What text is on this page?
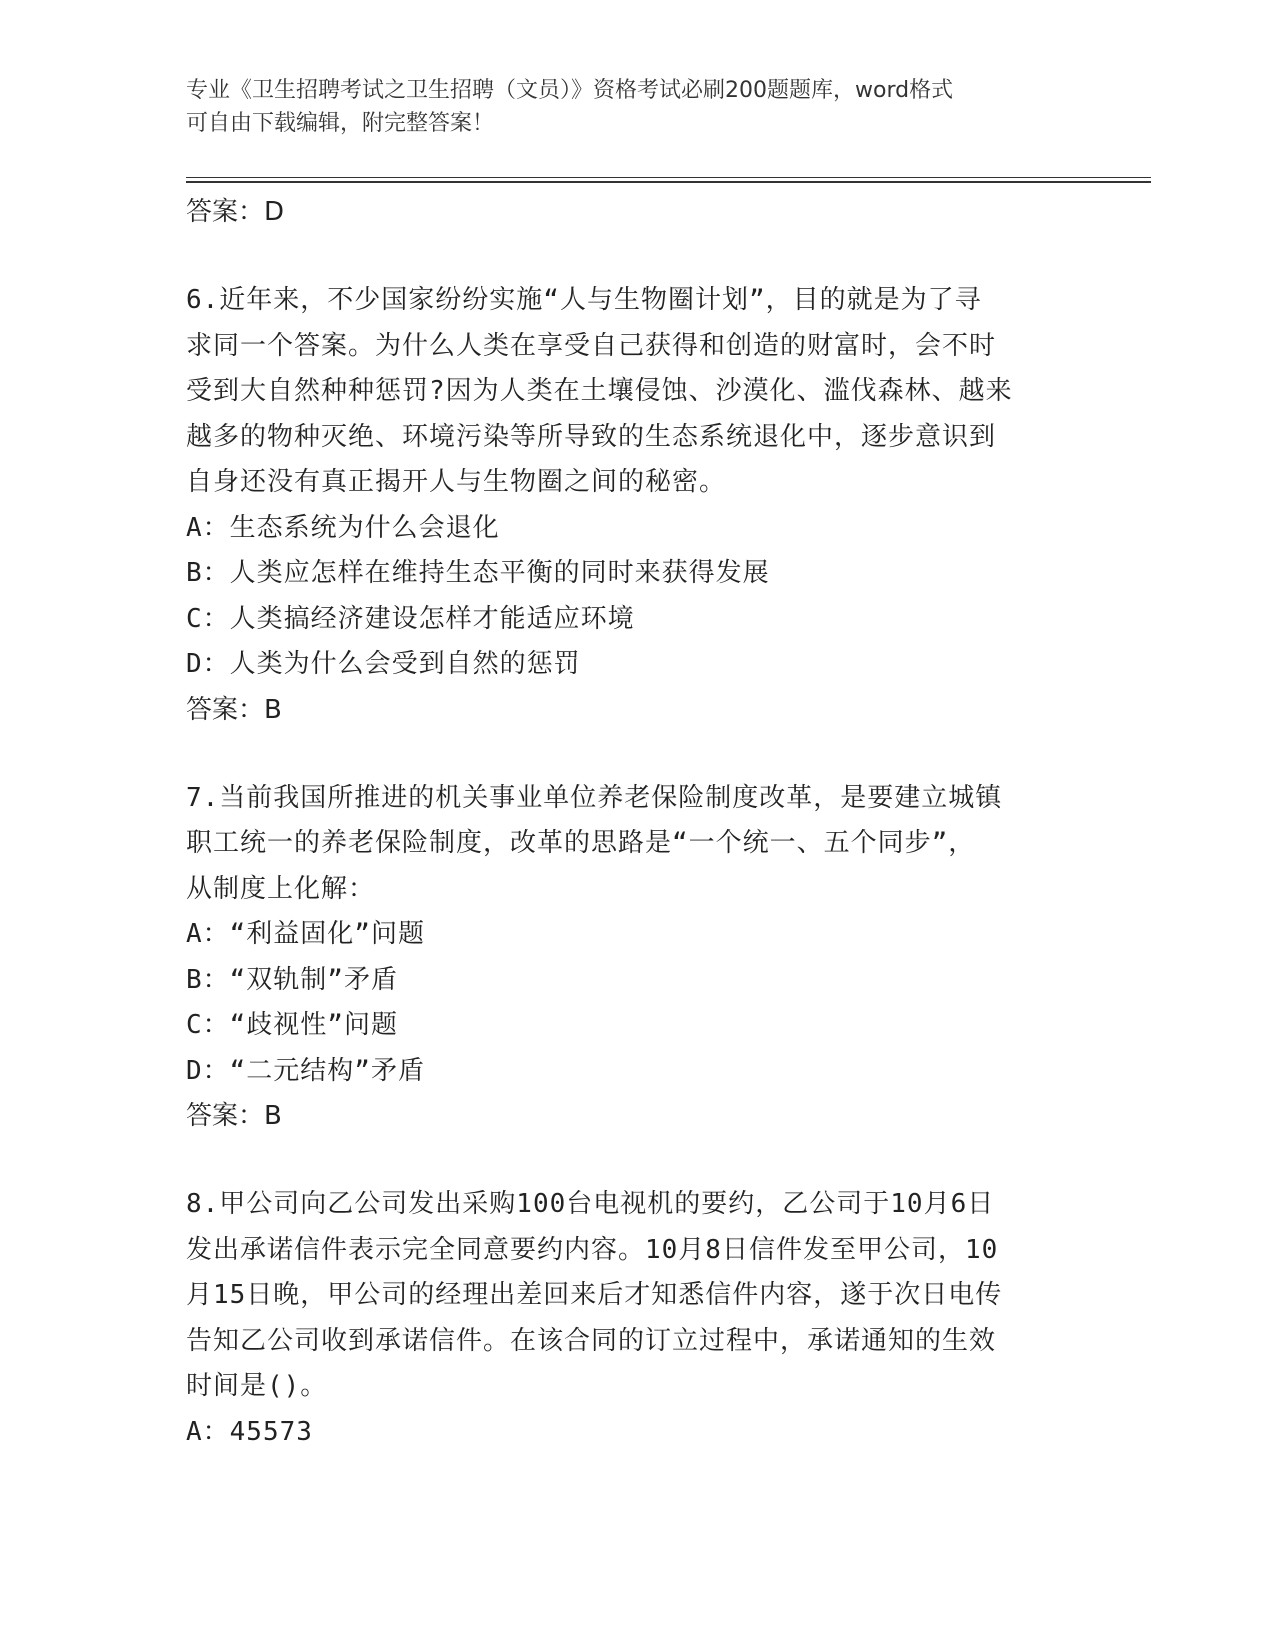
专业《卫生招聘考试之卫生招聘（文员）》资格考试必刷200题题库，word格式
可自由下载编辑，附完整答案！
答案：D
6.近年来，不少国家纷纷实施“人与生物圈计划”，目的就是为了寻
求同一个答案。为什么人类在享受自己获得和创造的财富时，会不时
受到大自然种种惩罚?因为人类在土壤侵蚀、沙漠化、滥伐森林、越来
越多的物种灭绝、环境污染等所导致的生态系统退化中，逐步意识到
自身还没有真正揭开人与生物圈之间的秘密。
A：生态系统为什么会退化
B：人类应怎样在维持生态平衡的同时来获得发展
C：人类搞经济建设怎样才能适应环境
D：人类为什么会受到自然的惩罚
答案：B
7.当前我国所推进的机关事业单位养老保险制度改革，是要建立城镇
职工统一的养老保险制度，改革的思路是“一个统一、五个同步”，
从制度上化解：
A：“利益固化”问题
B：“双轨制”矛盾
C：“歧视性”问题
D：“二元结构”矛盾
答案：B
8.甲公司向乙公司发出采购100台电视机的要约，乙公司于10月6日
发出承诺信件表示完全同意要约内容。10月8日信件发至甲公司，10
月15日晚，甲公司的经理出差回来后才知悉信件内容，遂于次日电传
告知乙公司收到承诺信件。在该合同的订立过程中，承诺通知的生效
时间是()。
A：45573
